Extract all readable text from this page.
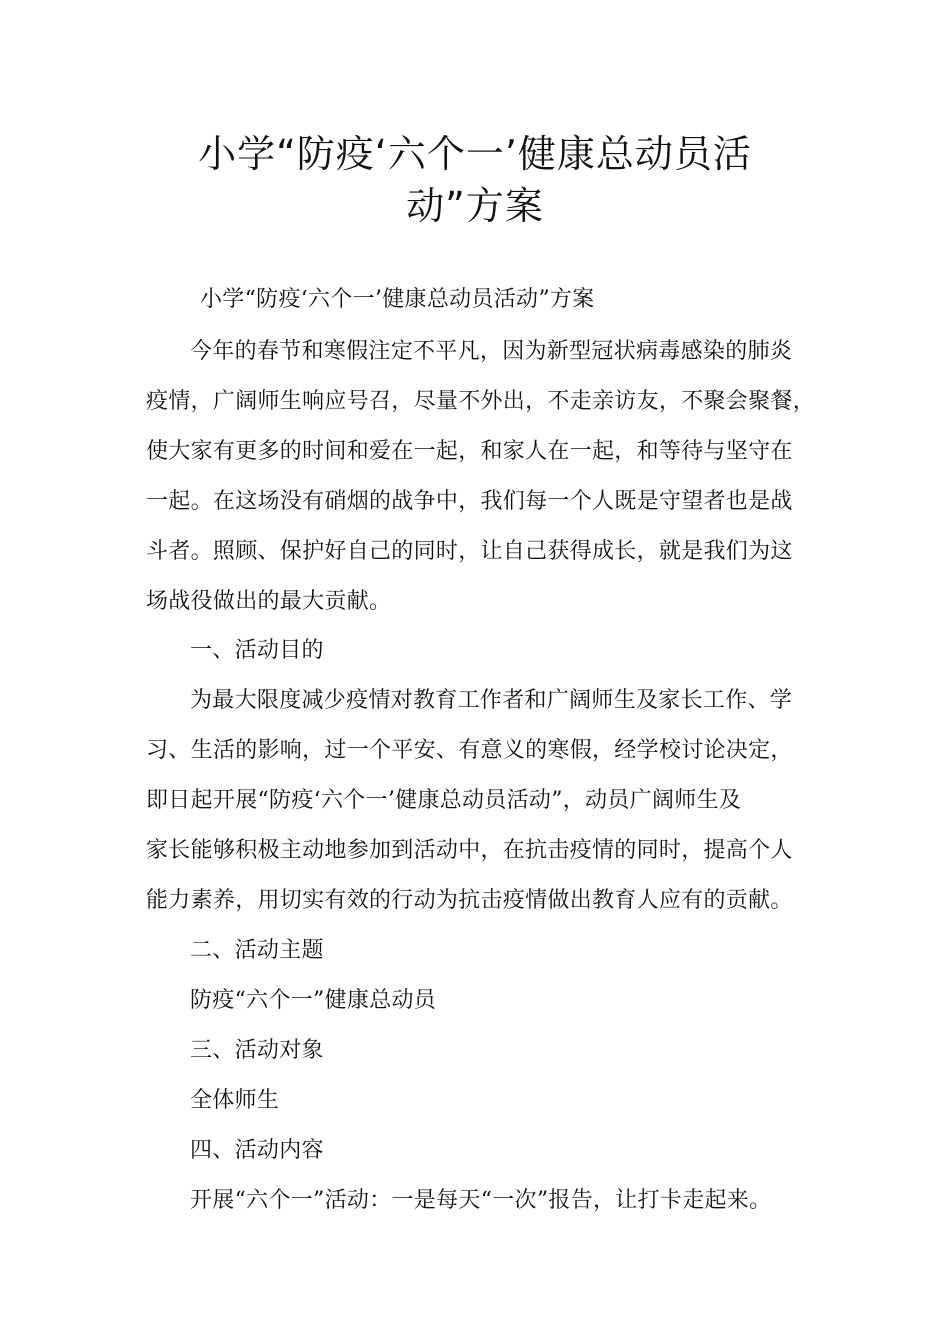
小学“防疫‘六个一’健康总动员活
动”方案
小学“防疫‘六个一’健康总动员活动”方案
今年的春节和寒假注定不平凡，因为新型冠状病毒感染的肺炎
疫情，广阔师生响应号召，尽量不外出，不走亲访友，不聚会聚餐，
使大家有更多的时间和爱在一起，和家人在一起，和等待与坚守在
一起。在这场没有硝烟的战争中，我们每一个人既是守望者也是战
斗者。照顾、保护好自己的同时，让自己获得成长，就是我们为这
场战役做出的最大贡献。
一、活动目的
为最大限度减少疫情对教育工作者和广阔师生及家长工作、学
习、生活的影响，过一个平安、有意义的寒假，经学校讨论决定，
即日起开展“防疫‘六个一’健康总动员活动”，动员广阔师生及
家长能够积极主动地参加到活动中，在抗击疫情的同时，提高个人
能力素养，用切实有效的行动为抗击疫情做出教育人应有的贡献。
二、活动主题
防疫“六个一”健康总动员
三、活动对象
全体师生
四、活动内容
开展“六个一”活动：一是每天“一次”报告，让打卡走起来。
